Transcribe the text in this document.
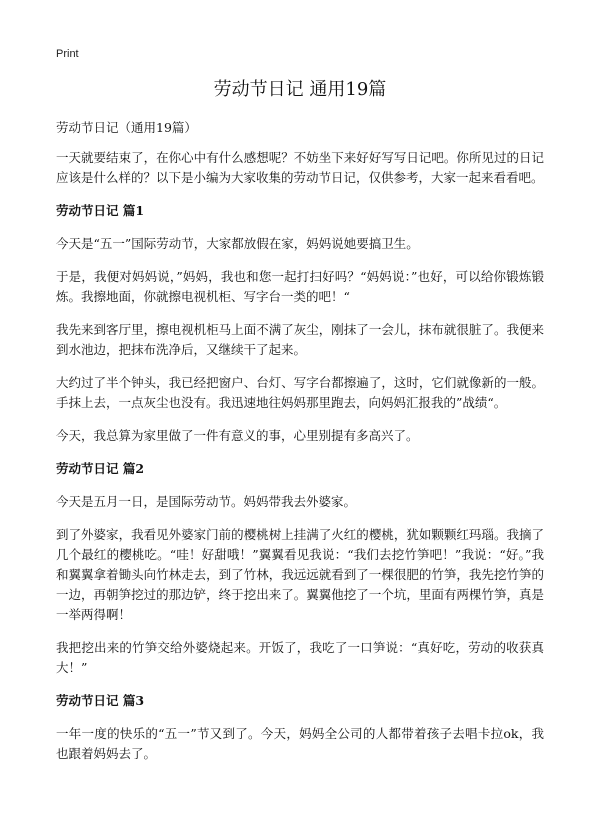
Print
劳动节日记 通用19篇
劳动节日记（通用19篇）

一天就要结束了，在你心中有什么感想呢？不妨坐下来好好写写日记吧。你所见过的日记应该是什么样的？以下是小编为大家收集的劳动节日记，仅供参考，大家一起来看看吧。

劳动节日记 篇1

今天是“五一”国际劳动节，大家都放假在家，妈妈说她要搞卫生。

于是，我便对妈妈说，”妈妈，我也和您一起打扫好吗？“妈妈说：”也好，可以给你锻炼锻炼。我擦地面，你就擦电视机柜、写字台一类的吧！“

我先来到客厅里，擦电视机柜马上面不满了灰尘，刚抹了一会儿，抹布就很脏了。我便来到水池边，把抹布洗净后，又继续干了起来。

大约过了半个钟头，我已经把窗户、台灯、写字台都擦遍了，这时，它们就像新的一般。手抹上去，一点灰尘也没有。我迅速地往妈妈那里跑去，向妈妈汇报我的”战绩“。

今天，我总算为家里做了一件有意义的事，心里别提有多高兴了。

劳动节日记 篇2

今天是五月一日，是国际劳动节。妈妈带我去外婆家。

到了外婆家，我看见外婆家门前的樱桃树上挂满了火红的樱桃，犹如颗颗红玛瑙。我摘了几个最红的樱桃吃。“哇！好甜哦！”翼翼看见我说：“我们去挖竹笋吧！”我说：“好。”我和翼翼拿着锄头向竹林走去，到了竹林，我远远就看到了一棵很肥的竹笋，我先挖竹笋的一边，再朝笋挖过的那边铲，终于挖出来了。翼翼他挖了一个坑，里面有两棵竹笋，真是一举两得啊！

我把挖出来的竹笋交给外婆烧起来。开饭了，我吃了一口笋说：“真好吃，劳动的收获真大！”

劳动节日记 篇3

一年一度的快乐的“五一”节又到了。今天，妈妈全公司的人都带着孩子去唱卡拉ok，我也跟着妈妈去了。
